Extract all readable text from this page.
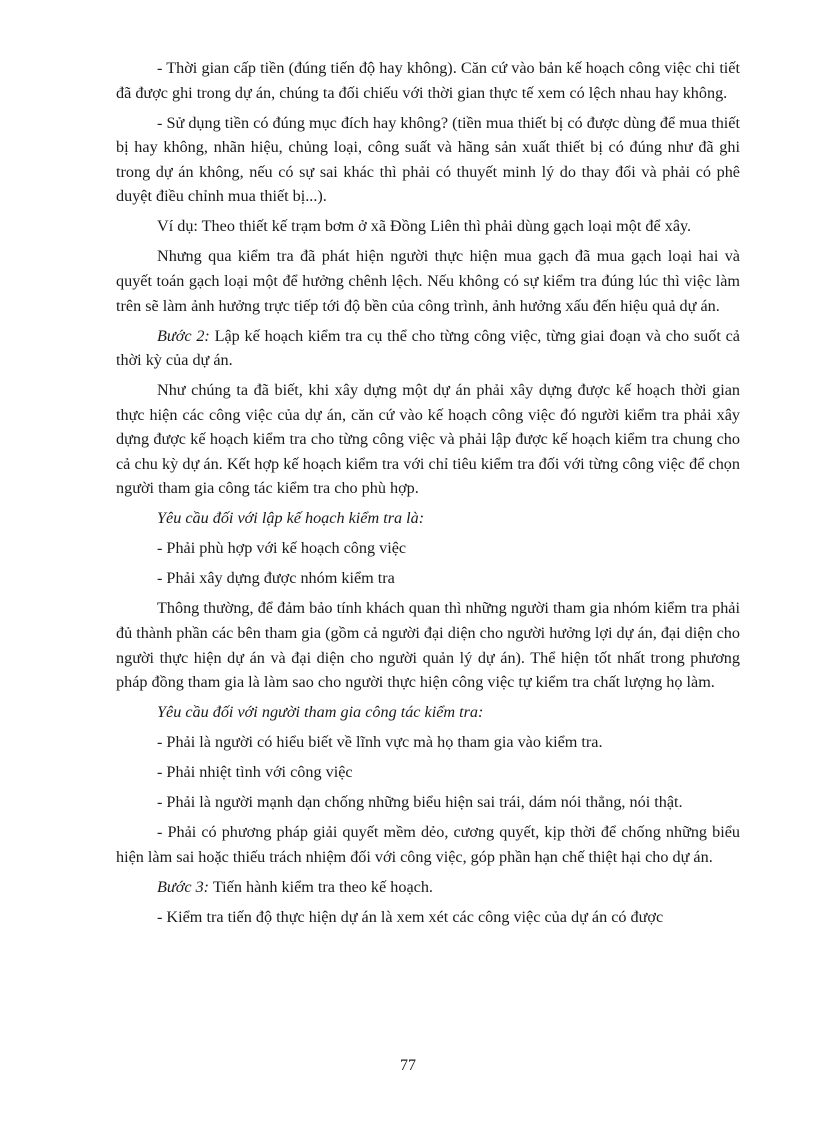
- Thời gian cấp tiền (đúng tiến độ hay không). Căn cứ vào bản kế hoạch công việc chi tiết đã được ghi trong dự án, chúng ta đối chiếu với thời gian thực tế xem có lệch nhau hay không.

- Sử dụng tiền có đúng mục đích hay không? (tiền mua thiết bị có được dùng để mua thiết bị hay không, nhãn hiệu, chủng loại, công suất và hãng sản xuất thiết bị có đúng như đã ghi trong dự án không, nếu có sự sai khác thì phải có thuyết minh lý do thay đổi và phải có phê duyệt điều chỉnh mua thiết bị...).

Ví dụ: Theo thiết kế trạm bơm ở xã Đồng Liên thì phải dùng gạch loại một để xây.

Nhưng qua kiểm tra đã phát hiện người thực hiện mua gạch đã mua gạch loại hai và quyết toán gạch loại một để hưởng chênh lệch. Nếu không có sự kiểm tra đúng lúc thì việc làm trên sẽ làm ảnh hưởng trực tiếp tới độ bền của công trình, ảnh hưởng xấu đến hiệu quả dự án.

Bước 2: Lập kế hoạch kiểm tra cụ thể cho từng công việc, từng giai đoạn và cho suốt cả thời kỳ của dự án.

Như chúng ta đã biết, khi xây dựng một dự án phải xây dựng được kế hoạch thời gian thực hiện các công việc của dự án, căn cứ vào kế hoạch công việc đó người kiểm tra phải xây dựng được kế hoạch kiểm tra cho từng công việc và phải lập được kế hoạch kiểm tra chung cho cả chu kỳ dự án. Kết hợp kế hoạch kiểm tra với chỉ tiêu kiểm tra đối với từng công việc để chọn người tham gia công tác kiểm tra cho phù hợp.

Yêu cầu đối với lập kế hoạch kiểm tra là:

- Phải phù hợp với kế hoạch công việc

- Phải xây dựng được nhóm kiểm tra

Thông thường, để đảm bảo tính khách quan thì những người tham gia nhóm kiểm tra phải đủ thành phần các bên tham gia (gồm cả người đại diện cho người hưởng lợi dự án, đại diện cho người thực hiện dự án và đại diện cho người quản lý dự án). Thể hiện tốt nhất trong phương pháp đồng tham gia là làm sao cho người thực hiện công việc tự kiểm tra chất lượng họ làm.

Yêu cầu đối với người tham gia công tác kiểm tra:

- Phải là người có hiểu biết về lĩnh vực mà họ tham gia vào kiểm tra.

- Phải nhiệt tình với công việc

- Phải là người mạnh dạn chống những biểu hiện sai trái, dám nói thẳng, nói thật.

- Phải có phương pháp giải quyết mềm dẻo, cương quyết, kịp thời để chống những biểu hiện làm sai hoặc thiếu trách nhiệm đối với công việc, góp phần hạn chế thiệt hại cho dự án.

Bước 3: Tiến hành kiểm tra theo kế hoạch.

- Kiểm tra tiến độ thực hiện dự án là xem xét các công việc của dự án có được

77
